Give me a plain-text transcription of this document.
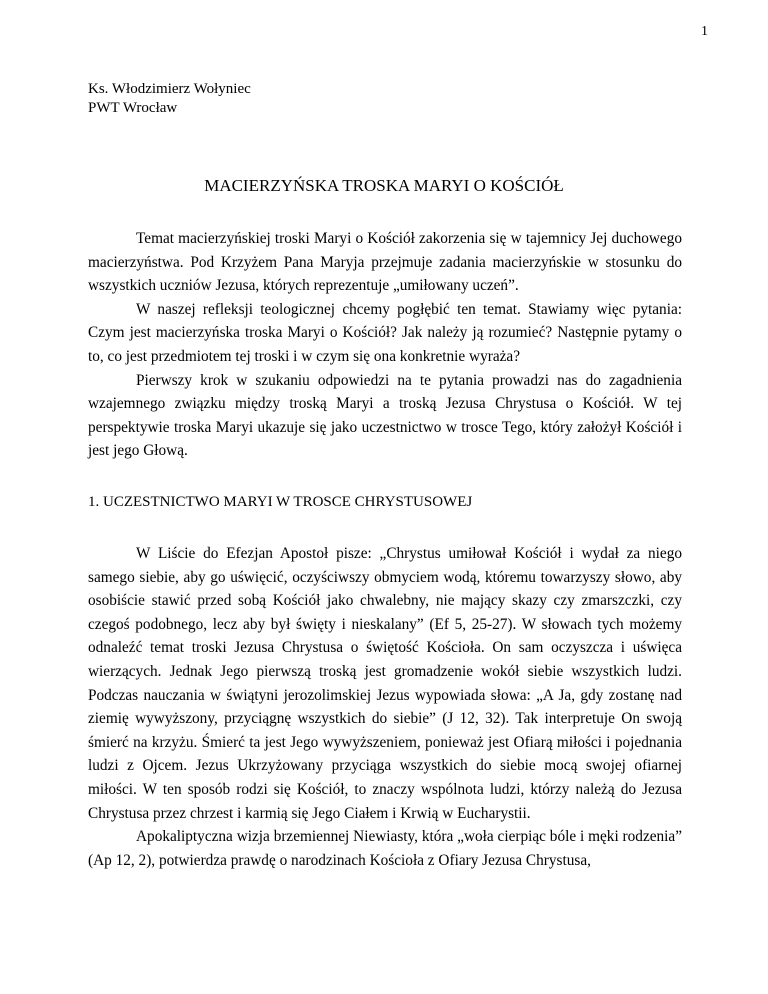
1
Ks. Włodzimierz Wołyniec
PWT Wrocław
MACIERZYŃSKA TROSKA MARYI O KOŚCIÓŁ

Temat macierzyńskiej troski Maryi o Kościół zakorzenia się w tajemnicy Jej duchowego macierzyństwa. Pod Krzyżem Pana Maryja przejmuje zadania macierzyńskie w stosunku do wszystkich uczniów Jezusa, których reprezentuje „umiłowany uczeń”.

W naszej refleksji teologicznej chcemy pogłębić ten temat. Stawiamy więc pytania: Czym jest macierzyńska troska Maryi o Kościół? Jak należy ją rozumieć? Następnie pytamy o to, co jest przedmiotem tej troski i w czym się ona konkretnie wyraża?

Pierwszy krok w szukaniu odpowiedzi na te pytania prowadzi nas do zagadnienia wzajemnego związku między troską Maryi a troską Jezusa Chrystusa o Kościół. W tej perspektywie troska Maryi ukazuje się jako uczestnictwo w trosce Tego, który założył Kościół i jest jego Głową.

1. UCZESTNICTWO MARYI W TROSCE CHRYSTUSOWEJ

W Liście do Efezjan Apostoł pisze: „Chrystus umiłował Kościół i wydał za niego samego siebie, aby go uświęcić, oczyściwszy obmyciem wodą, któremu towarzyszy słowo, aby osobiście stawić przed sobą Kościół jako chwalebny, nie mający skazy czy zmarszczki, czy czegoś podobnego, lecz aby był święty i nieskalany” (Ef 5, 25-27). W słowach tych możemy odnaleźć temat troski Jezusa Chrystusa o świętość Kościoła. On sam oczyszcza i uświęca wierzących. Jednak Jego pierwszą troską jest gromadzenie wokół siebie wszystkich ludzi. Podczas nauczania w świątyni jerozolimskiej Jezus wypowiada słowa: „A Ja, gdy zostanę nad ziemię wywyższony, przyciągnę wszystkich do siebie” (J 12, 32). Tak interpretuje On swoją śmierć na krzyżu. Śmierć ta jest Jego wywyższeniem, ponieważ jest Ofiarą miłości i pojednania ludzi z Ojcem. Jezus Ukrzyżowany przyciąga wszystkich do siebie mocą swojej ofiarnej miłości. W ten sposób rodzi się Kościół, to znaczy wspólnota ludzi, którzy należą do Jezusa Chrystusa przez chrzest i karmią się Jego Ciałem i Krwią w Eucharystii.

Apokaliptyczna wizja brzemiennej Niewiasty, która „woła cierpiąc bóle i męki rodzenia” (Ap 12, 2), potwierdza prawdę o narodzinach Kościoła z Ofiary Jezusa Chrystusa,
